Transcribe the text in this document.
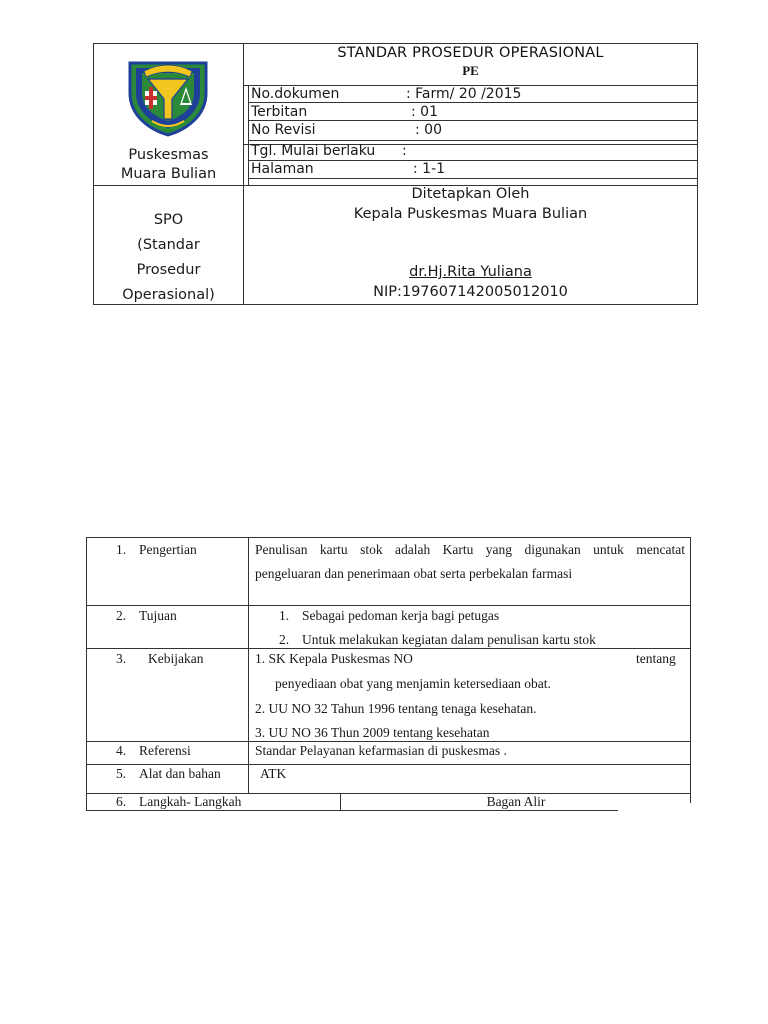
Puskesmas
Muara Bulian
STANDAR PROSEDUR OPERASIONAL
PE
No.dokumen	: Farm/ 20 /2015
Terbitan	: 01
No Revisi	: 00
Tgl. Mulai berlaku :
Halaman	: 1-1
SPO
(Standar
Prosedur
Operasional)
Ditetapkan Oleh
Kepala Puskesmas Muara Bulian
dr.Hj.Rita Yuliana
NIP:197607142005012010
1. Pengertian	Penulisan kartu stok adalah Kartu yang digunakan untuk mencatat
pengeluaran dan penerimaan obat serta perbekalan farmasi
2. Tujuan	1. Sebagai pedoman kerja bagi petugas
2. Untuk melakukan kegiatan dalam penulisan kartu stok
3. Kebijakan	1. SK Kepala Puskesmas NO	tentang
penyediaan obat yang menjamin ketersediaan obat.
2. UU NO 32 Tahun 1996 tentang tenaga kesehatan.
3. UU NO 36 Thun 2009 tentang kesehatan
4. Referensi	Standar Pelayanan kefarmasian di puskesmas .
5. Alat dan bahan	ATK
6. Langkah- Langkah	Bagan Alir
